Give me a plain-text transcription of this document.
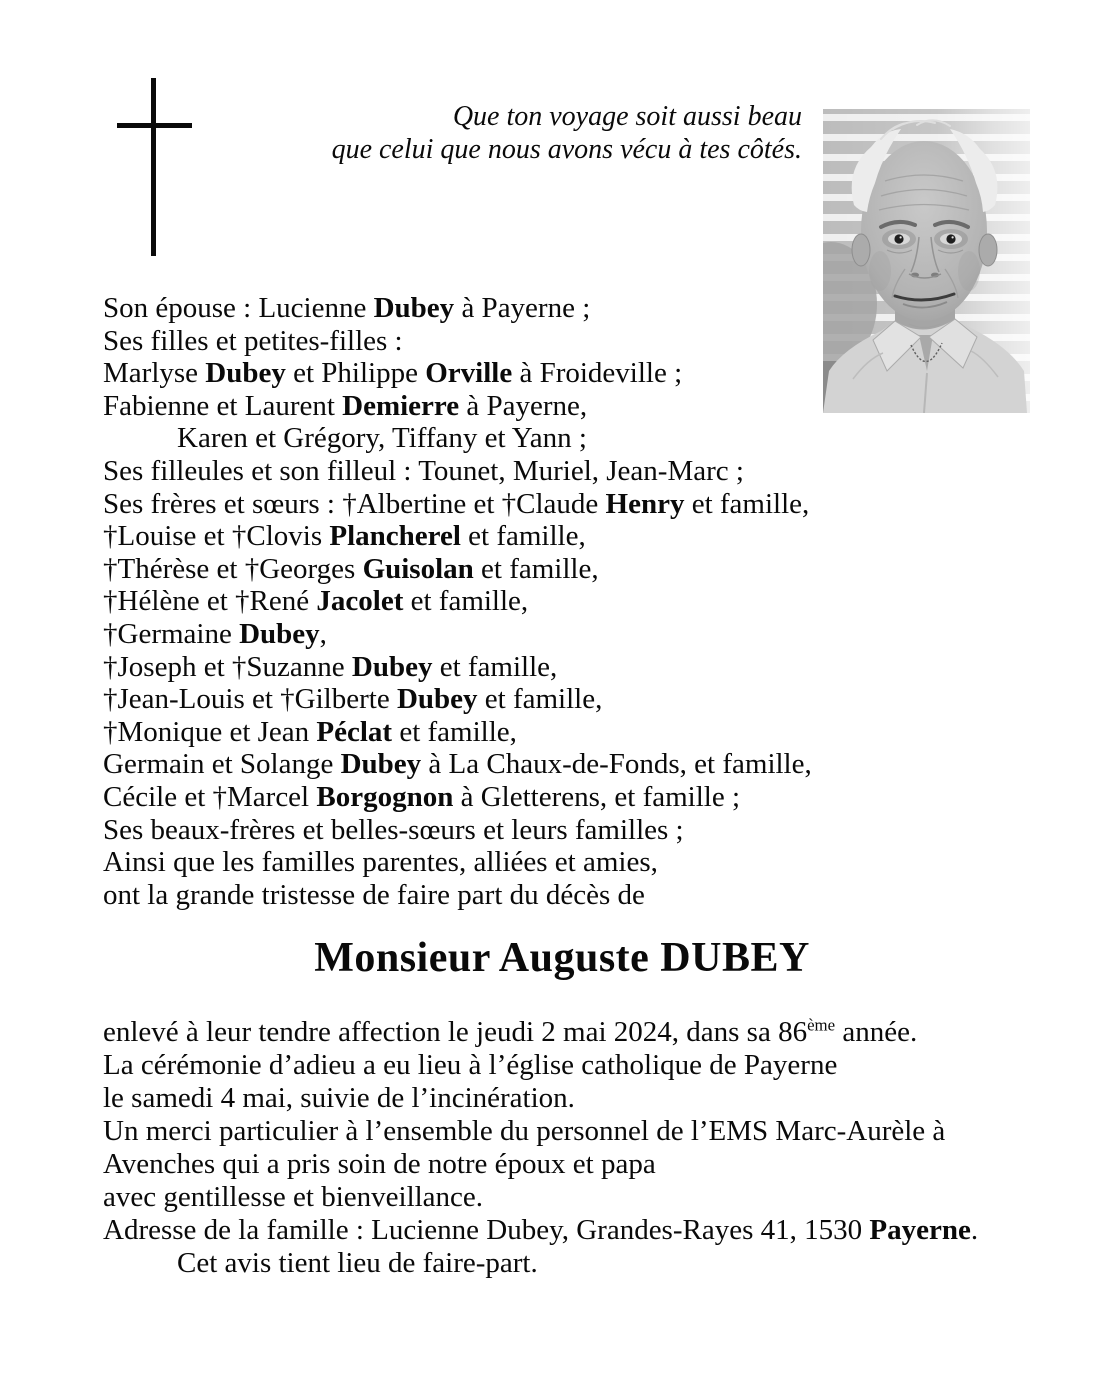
Que ton voyage soit aussi beau
que celui que nous avons vécu à tes côtés.
Son épouse : Lucienne Dubey à Payerne ;
Ses filles et petites-filles :
Marlyse Dubey et Philippe Orville à Froideville ;
Fabienne et Laurent Demierre à Payerne,
Karen et Grégory, Tiffany et Yann ;
Ses filleules et son filleul : Tounet, Muriel, Jean-Marc ;
Ses frères et sœurs : †Albertine et †Claude Henry et famille,
†Louise et †Clovis Plancherel et famille,
†Thérèse et †Georges Guisolan et famille,
†Hélène et †René Jacolet et famille,
†Germaine Dubey,
†Joseph et †Suzanne Dubey et famille,
†Jean-Louis et †Gilberte Dubey et famille,
†Monique et Jean Péclat et famille,
Germain et Solange Dubey à La Chaux-de-Fonds, et famille,
Cécile et †Marcel Borgognon à Gletterens, et famille ;
Ses beaux-frères et belles-sœurs et leurs familles ;
Ainsi que les familles parentes, alliées et amies,
ont la grande tristesse de faire part du décès de
Monsieur Auguste DUBEY
enlevé à leur tendre affection le jeudi 2 mai 2024, dans sa 86ème année.
La cérémonie d’adieu a eu lieu à l’église catholique de Payerne
le samedi 4 mai, suivie de l’incinération.
Un merci particulier à l’ensemble du personnel de l’EMS Marc-Aurèle à
Avenches qui a pris soin de notre époux et papa
avec gentillesse et bienveillance.
Adresse de la famille : Lucienne Dubey, Grandes-Rayes 41, 1530 Payerne.
Cet avis tient lieu de faire-part.
